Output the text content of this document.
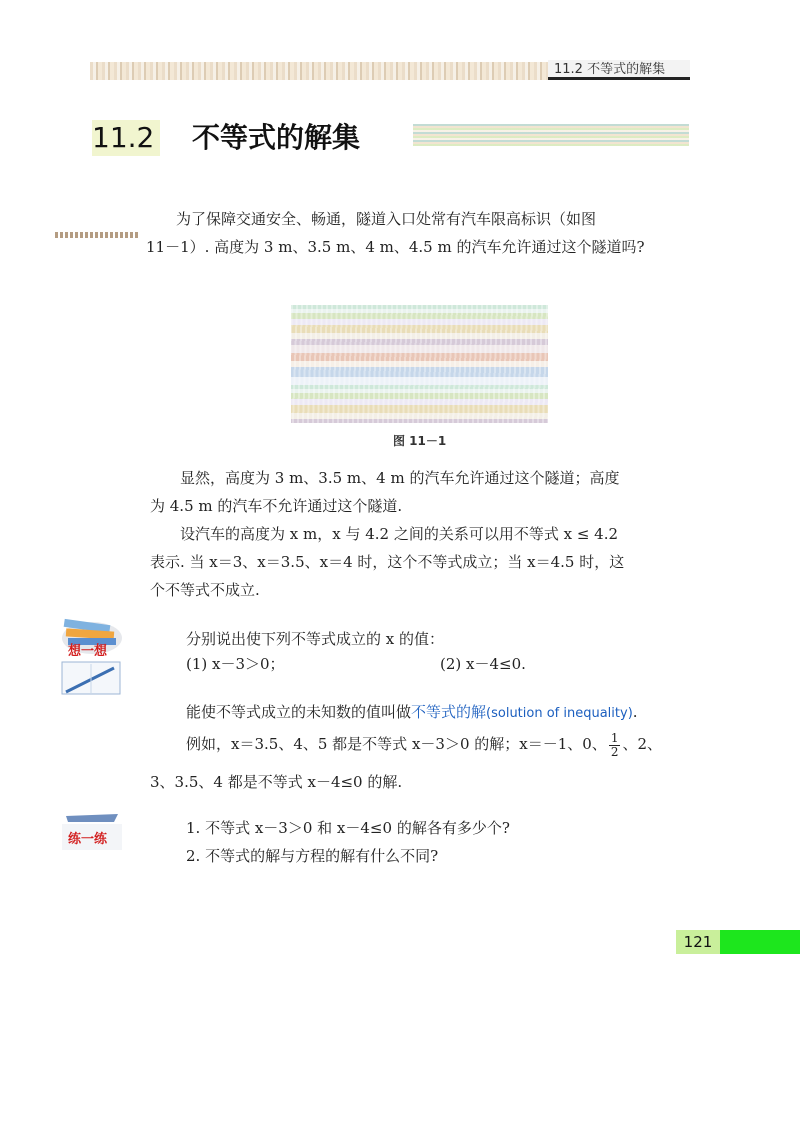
11.2 不等式的解集
11.2 不等式的解集
为了保障交通安全、畅通，隧道入口处常有汽车限高标识（如图
11－1）. 高度为 3 m、3.5 m、4 m、4.5 m 的汽车允许通过这个隧道吗?
图 11－1
显然，高度为 3 m、3.5 m、4 m 的汽车允许通过这个隧道；高度
为 4.5 m 的汽车不允许通过这个隧道.
设汽车的高度为 x m，x 与 4.2 之间的关系可以用不等式 x ≤ 4.2
表示. 当 x＝3、x＝3.5、x＝4 时，这个不等式成立；当 x＝4.5 时，这
个不等式不成立.
想一想
分别说出使下列不等式成立的 x 的值：
(1) x－3＞0；	(2) x－4≤0.
能使不等式成立的未知数的值叫做不等式的解(solution of inequality).
例如，x＝3.5、4、5 都是不等式 x－3＞0 的解；x＝－1、0、 $\frac{1}{2}$ 、2、
3、3.5、4 都是不等式 x－4≤0 的解.
练一练
1. 不等式 x－3＞0 和 x－4≤0 的解各有多少个?
2. 不等式的解与方程的解有什么不同?
121
